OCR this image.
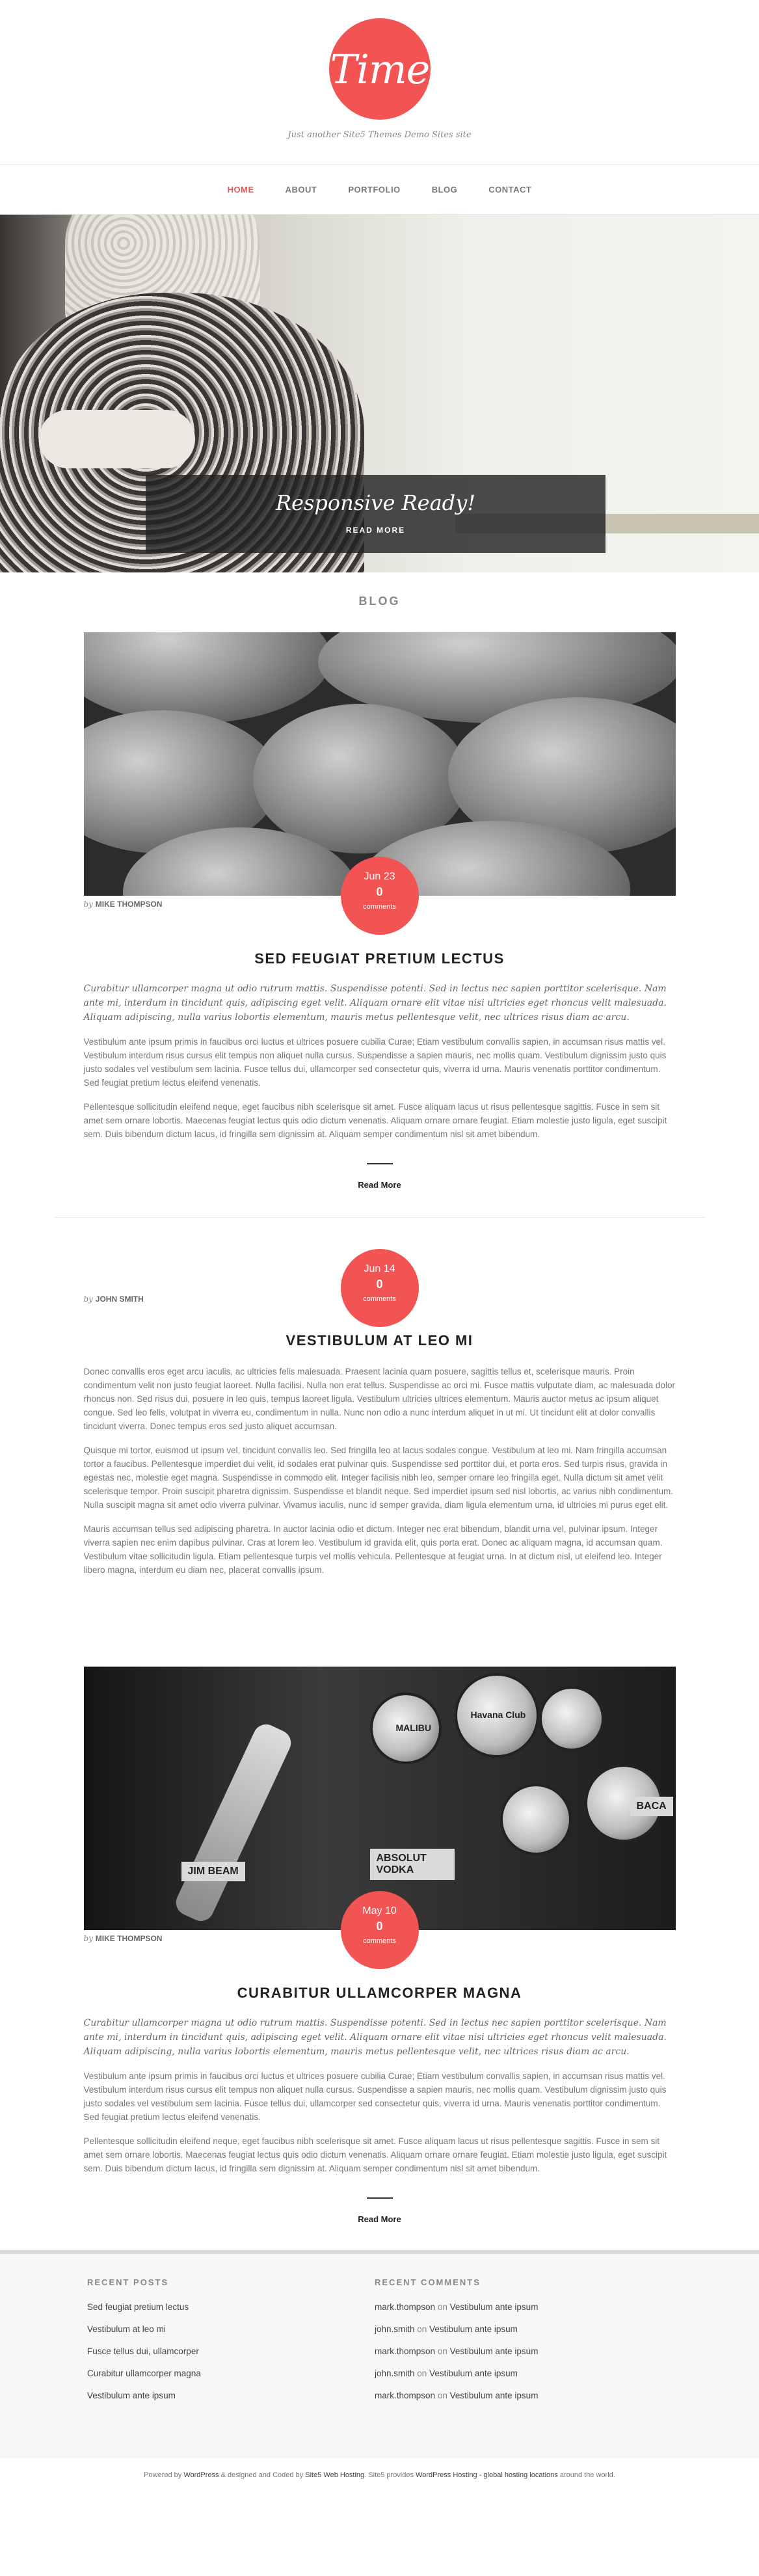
Time
Just another Site5 Themes Demo Sites site
HOME	ABOUT	PORTFOLIO	BLOG	CONTACT
Responsive Ready!
READ MORE
BLOG
Jun 23
0
comments
by MIKE THOMPSON
SED FEUGIAT PRETIUM LECTUS

Curabitur ullamcorper magna ut odio rutrum mattis. Suspendisse potenti. Sed in lectus nec sapien porttitor scelerisque. Nam ante mi, interdum in tincidunt quis, adipiscing eget velit. Aliquam ornare elit vitae nisi ultricies eget rhoncus velit malesuada. Aliquam adipiscing, nulla varius lobortis elementum, mauris metus pellentesque velit, nec ultrices risus diam ac arcu.

Vestibulum ante ipsum primis in faucibus orci luctus et ultrices posuere cubilia Curae; Etiam vestibulum convallis sapien, in accumsan risus mattis vel. Vestibulum interdum risus cursus elit tempus non aliquet nulla cursus. Suspendisse a sapien mauris, nec mollis quam. Vestibulum dignissim justo quis justo sodales vel vestibulum sem lacinia. Fusce tellus dui, ullamcorper sed consectetur quis, viverra id urna. Mauris venenatis porttitor condimentum. Sed feugiat pretium lectus eleifend venenatis.

Pellentesque sollicitudin eleifend neque, eget faucibus nibh scelerisque sit amet. Fusce aliquam lacus ut risus pellentesque sagittis. Fusce in sem sit amet sem ornare lobortis. Maecenas feugiat lectus quis odio dictum venenatis. Aliquam ornare ornare feugiat. Etiam molestie justo ligula, eget suscipit sem. Duis bibendum dictum lacus, id fringilla sem dignissim at. Aliquam semper condimentum nisl sit amet bibendum.

Read More
Jun 14
0
comments
by JOHN SMITH
VESTIBULUM AT LEO MI

Donec convallis eros eget arcu iaculis, ac ultricies felis malesuada. Praesent lacinia quam posuere, sagittis tellus et, scelerisque mauris. Proin condimentum velit non justo feugiat laoreet. Nulla facilisi. Nulla non erat tellus. Suspendisse ac orci mi. Fusce mattis vulputate diam, ac malesuada dolor rhoncus non. Sed risus dui, posuere in leo quis, tempus laoreet ligula. Vestibulum ultricies ultrices elementum. Mauris auctor metus ac ipsum aliquet congue. Sed leo felis, volutpat in viverra eu, condimentum in nulla. Nunc non odio a nunc interdum aliquet in ut mi. Ut tincidunt elit at dolor convallis tincidunt viverra. Donec tempus eros sed justo aliquet accumsan.

Quisque mi tortor, euismod ut ipsum vel, tincidunt convallis leo. Sed fringilla leo at lacus sodales congue. Vestibulum at leo mi. Nam fringilla accumsan tortor a faucibus. Pellentesque imperdiet dui velit, id sodales erat pulvinar quis. Suspendisse sed porttitor dui, et porta eros. Sed turpis risus, gravida in egestas nec, molestie eget magna. Suspendisse in commodo elit. Integer facilisis nibh leo, semper ornare leo fringilla eget. Nulla dictum sit amet velit scelerisque tempor. Proin suscipit pharetra dignissim. Suspendisse et blandit neque. Sed imperdiet ipsum sed nisl lobortis, ac varius nibh condimentum. Nulla suscipit magna sit amet odio viverra pulvinar. Vivamus iaculis, nunc id semper gravida, diam ligula elementum urna, id ultricies mi purus eget elit.

Mauris accumsan tellus sed adipiscing pharetra. In auctor lacinia odio et dictum. Integer nec erat bibendum, blandit urna vel, pulvinar ipsum. Integer viverra sapien nec enim dapibus pulvinar. Cras at lorem leo. Vestibulum id gravida elit, quis porta erat. Donec ac aliquam magna, id accumsan quam. Vestibulum vitae sollicitudin ligula. Etiam pellentesque turpis vel mollis vehicula. Pellentesque at feugiat urna. In at dictum nisl, ut eleifend leo. Integer libero magna, interdum eu diam nec, placerat convallis ipsum.

MALIBU
Havana Club
ABSOLUT VODKA
JIM BEAM
BACA
May 10
0
comments
by MIKE THOMPSON
CURABITUR ULLAMCORPER MAGNA

Curabitur ullamcorper magna ut odio rutrum mattis. Suspendisse potenti. Sed in lectus nec sapien porttitor scelerisque. Nam ante mi, interdum in tincidunt quis, adipiscing eget velit. Aliquam ornare elit vitae nisi ultricies eget rhoncus velit malesuada. Aliquam adipiscing, nulla varius lobortis elementum, mauris metus pellentesque velit, nec ultrices risus diam ac arcu.

Vestibulum ante ipsum primis in faucibus orci luctus et ultrices posuere cubilia Curae; Etiam vestibulum convallis sapien, in accumsan risus mattis vel. Vestibulum interdum risus cursus elit tempus non aliquet nulla cursus. Suspendisse a sapien mauris, nec mollis quam. Vestibulum dignissim justo quis justo sodales vel vestibulum sem lacinia. Fusce tellus dui, ullamcorper sed consectetur quis, viverra id urna. Mauris venenatis porttitor condimentum. Sed feugiat pretium lectus eleifend venenatis.

Pellentesque sollicitudin eleifend neque, eget faucibus nibh scelerisque sit amet. Fusce aliquam lacus ut risus pellentesque sagittis. Fusce in sem sit amet sem ornare lobortis. Maecenas feugiat lectus quis odio dictum venenatis. Aliquam ornare ornare feugiat. Etiam molestie justo ligula, eget suscipit sem. Duis bibendum dictum lacus, id fringilla sem dignissim at. Aliquam semper condimentum nisl sit amet bibendum.

Read More
RECENT POSTS
Sed feugiat pretium lectus
Vestibulum at leo mi
Fusce tellus dui, ullamcorper
Curabitur ullamcorper magna
Vestibulum ante ipsum
RECENT COMMENTS
mark.thompson on Vestibulum ante ipsum
john.smith on Vestibulum ante ipsum
mark.thompson on Vestibulum ante ipsum
john.smith on Vestibulum ante ipsum
mark.thompson on Vestibulum ante ipsum
Powered by WordPress & designed and Coded by Site5 Web Hosting. Site5 provides WordPress Hosting - global hosting locations around the world.
